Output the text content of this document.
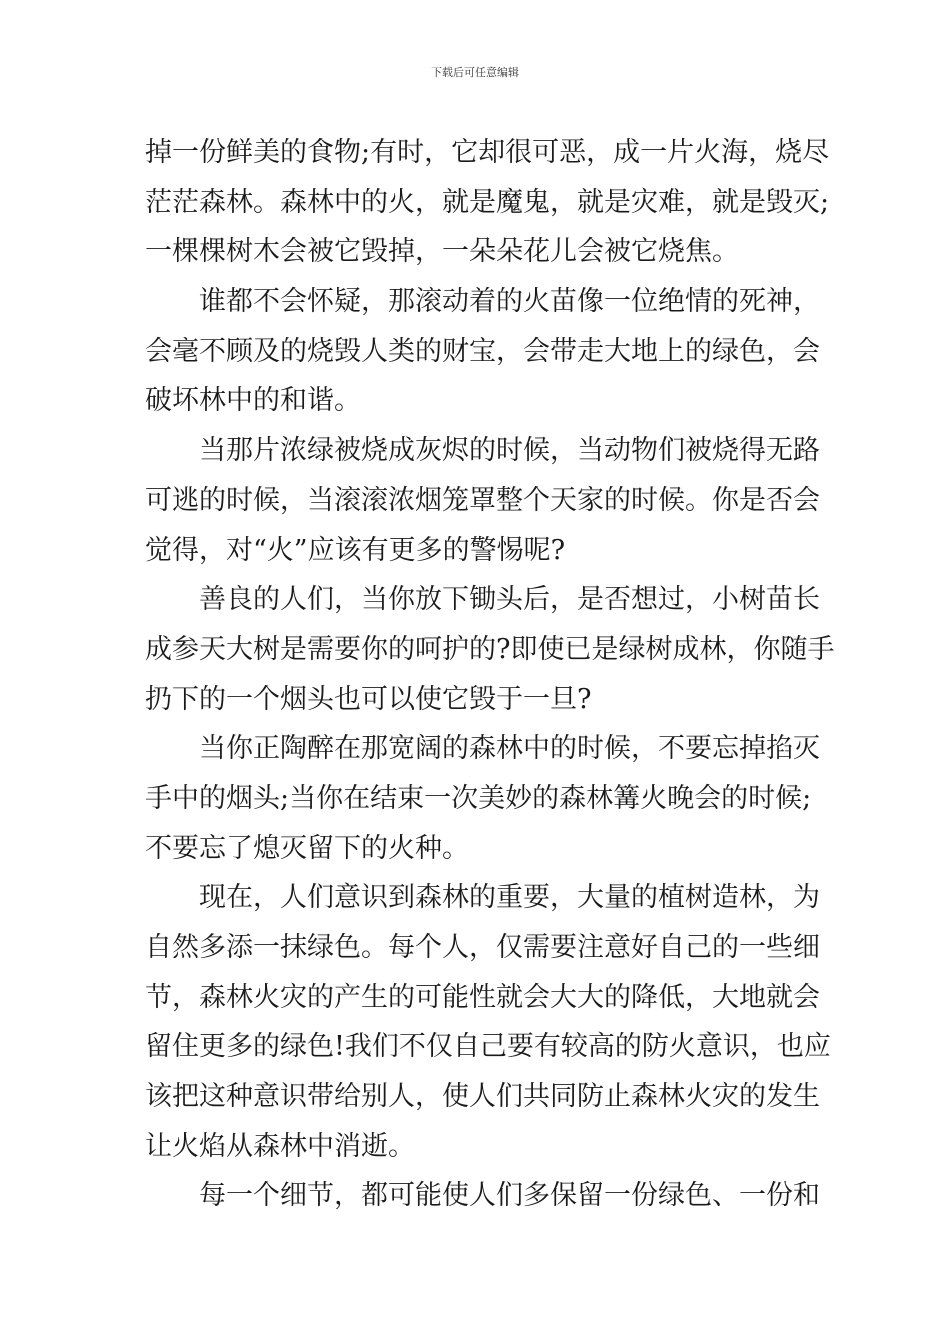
下载后可任意编辑
掉一份鲜美的食物;有时，它却很可恶，成一片火海，烧尽
茫茫森林。森林中的火，就是魔鬼，就是灾难，就是毁灭;
一棵棵树木会被它毁掉，一朵朵花儿会被它烧焦。
谁都不会怀疑，那滚动着的火苗像一位绝情的死神，
会毫不顾及的烧毁人类的财宝，会带走大地上的绿色，会
破坏林中的和谐。
当那片浓绿被烧成灰烬的时候，当动物们被烧得无路
可逃的时候，当滚滚浓烟笼罩整个天家的时候。你是否会
觉得，对“火”应该有更多的警惕呢?
善良的人们，当你放下锄头后，是否想过，小树苗长
成参天大树是需要你的呵护的?即使已是绿树成林，你随手
扔下的一个烟头也可以使它毁于一旦?
当你正陶醉在那宽阔的森林中的时候，不要忘掉掐灭
手中的烟头;当你在结束一次美妙的森林篝火晚会的时候;
不要忘了熄灭留下的火种。
现在，人们意识到森林的重要，大量的植树造林，为
自然多添一抹绿色。每个人，仅需要注意好自己的一些细
节，森林火灾的产生的可能性就会大大的降低，大地就会
留住更多的绿色!我们不仅自己要有较高的防火意识，也应
该把这种意识带给别人，使人们共同防止森林火灾的发生
让火焰从森林中消逝。
每一个细节，都可能使人们多保留一份绿色、一份和
